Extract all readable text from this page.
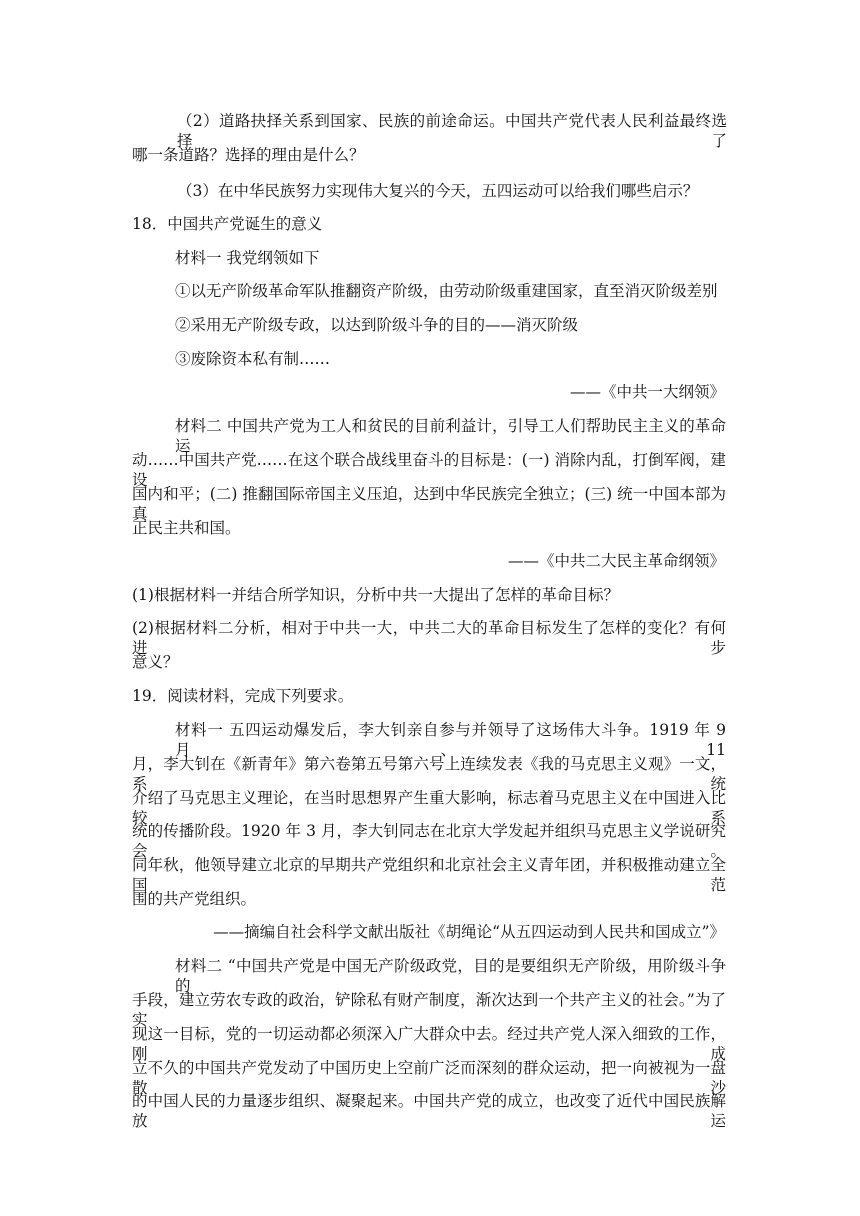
（2）道路抉择关系到国家、民族的前途命运。中国共产党代表人民利益最终选择了
哪一条道路？选择的理由是什么？
（3）在中华民族努力实现伟大复兴的今天，五四运动可以给我们哪些启示？
18．中国共产党诞生的意义
材料一 我党纲领如下
①以无产阶级革命军队推翻资产阶级，由劳动阶级重建国家，直至消灭阶级差别
②采用无产阶级专政，以达到阶级斗争的目的——消灭阶级
③废除资本私有制……
——《中共一大纲领》
材料二 中国共产党为工人和贫民的目前利益计，引导工人们帮助民主主义的革命运
动……中国共产党……在这个联合战线里奋斗的目标是：(一) 消除内乱，打倒军阀，建设
国内和平；(二) 推翻国际帝国主义压迫，达到中华民族完全独立；(三) 统一中国本部为真
正民主共和国。
——《中共二大民主革命纲领》
(1)根据材料一并结合所学知识，分析中共一大提出了怎样的革命目标？
(2)根据材料二分析，相对于中共一大，中共二大的革命目标发生了怎样的变化？有何进步
意义？
19．阅读材料，完成下列要求。
材料一 五四运动爆发后，李大钊亲自参与并领导了这场伟大斗争。1919 年 9 月、11
月，李大钊在《新青年》第六卷第五号第六号上连续发表《我的马克思主义观》一文，系统
介绍了马克思主义理论，在当时思想界产生重大影响，标志着马克思主义在中国进入比较系
统的传播阶段。1920 年 3 月，李大钊同志在北京大学发起并组织马克思主义学说研究会。
同年秋，他领导建立北京的早期共产党组织和北京社会主义青年团，并积极推动建立全国范
围的共产党组织。
——摘编自社会科学文献出版社《胡绳论“从五四运动到人民共和国成立”》
材料二 “中国共产党是中国无产阶级政党，目的是要组织无产阶级，用阶级斗争的
手段，建立劳农专政的政治，铲除私有财产制度，渐次达到一个共产主义的社会。”为了实
现这一目标，党的一切运动都必须深入广大群众中去。经过共产党人深入细致的工作，刚成
立不久的中国共产党发动了中国历史上空前广泛而深刻的群众运动，把一向被视为一盘散沙
的中国人民的力量逐步组织、凝聚起来。中国共产党的成立，也改变了近代中国民族解放运
